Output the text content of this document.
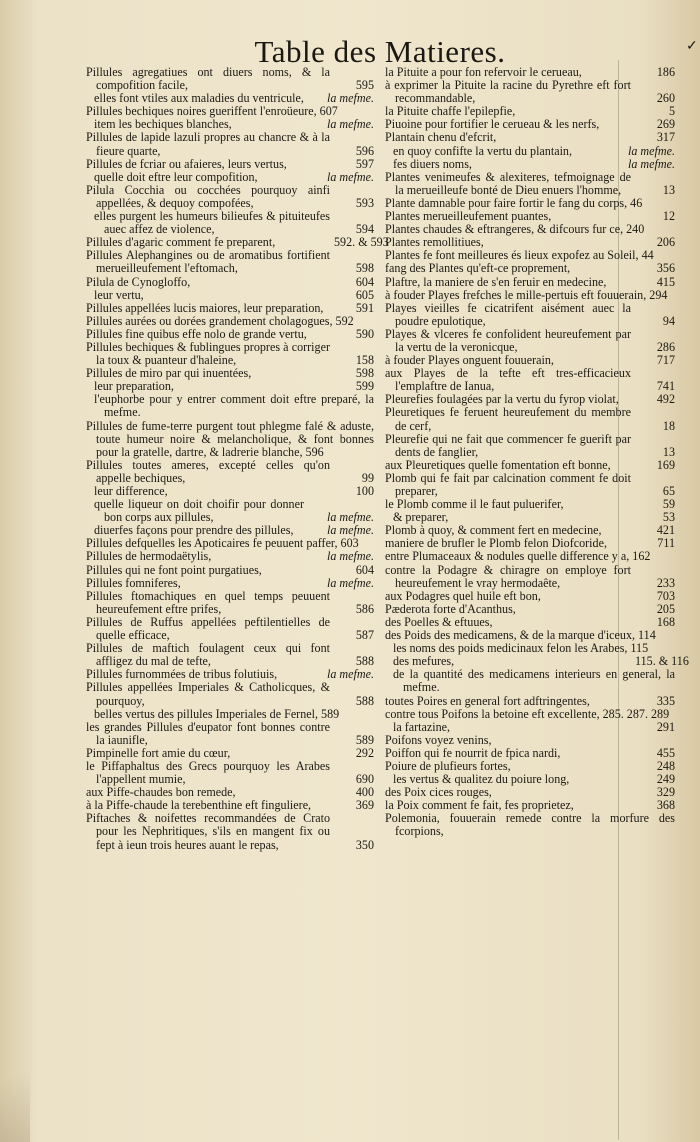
✓
Table des Matieres.
Pillules agregatiues ont diuers noms, & la compofition facile,	595
elles font vtiles aux maladies du ventricule,	la mefme.
Pillules bechiques noires gueriffent l'enroüeure, 607
item les bechiques blanches,	la mefme.
Pillules de lapide lazuli propres au chancre & à la fieure quarte,	596
Pillules de fcriar ou afaieres, leurs vertus,	597
quelle doit eftre leur compofition,	la mefme.
Pilula Cocchia ou cocchées pourquoy ainfi appellées, & dequoy compofées,	593
elles purgent les humeurs bilieufes & pituiteufes auec affez de violence,	594
Pillules d'agaric comment fe preparent,	592. & 593
Pillules Alephangines ou de aromatibus fortifient merueilleufement l'eftomach,	598
Pilula de Cynogloffo,	604
leur vertu,	605
Pillules appellées lucis maiores, leur preparation,	591
Pillules aurées ou dorées grandement cholagogues, 592
Pillules fine quibus effe nolo de grande vertu,	590
Pillules bechiques & fublingues propres à corriger la toux & puanteur d'haleine,	158
Pillules de miro par qui inuentées,	598
leur preparation,	599
l'euphorbe pour y entrer comment doit eftre preparé, la mefme.
Pillules de fume-terre purgent tout phlegme falé & aduste, toute humeur noire & melancholique, & font bonnes pour la gratelle, dartre, & ladrerie blanche, 596
Pillules toutes ameres, excepté celles qu'on appelle bechiques,	99
leur difference,	100
quelle liqueur on doit choifir pour donner bon corps aux pillules,	la mefme.
diuerfes façons pour prendre des pillules,	la mefme.
Pillules defquelles les Apoticaires fe peuuent paffer, 603
Pillules de hermodaëtylis,	la mefme.
Pillules qui ne font point purgatiues,	604
Pillules fomniferes,	la mefme.
Pillules ftomachiques en quel temps peuuent heureufement eftre prifes,	586
Pillules de Ruffus appellées peftilentielles de quelle efficace,	587
Pillules de maftich foulagent ceux qui font affligez du mal de tefte,	588
Pillules furnommées de tribus folutiuis,	la mefme.
Pillules appellées Imperiales & Catholicques, & pourquoy,	588
belles vertus des pillules Imperiales de Fernel, 589
les grandes Pillules d'eupator font bonnes contre la iaunifle,	589
Pimpinelle fort amie du cœur,	292
le Piffaphaltus des Grecs pourquoy les Arabes l'appellent mumie,	690
aux Piffe-chaudes bon remede,	400
à la Piffe-chaude la terebenthine eft finguliere,	369
Piftaches & noifettes recommandées de Crato pour les Nephritiques, s'ils en mangent fix ou fept à ieun trois heures auant le repas,	350
la Pituite a pour fon refervoir le cerueau,	186
à exprimer la Pituite la racine du Pyrethre eft fort recommandable,	260
la Pituite chaffe l'epilepfie,	5
Piuoine pour fortifier le cerueau & les nerfs,	269
Plantain chenu d'efcrit,	317
en quoy confifte la vertu du plantain,	la mefme.
fes diuers noms,	la mefme.
Plantes venimeufes & alexiteres, tefmoignage de la merueilleufe bonté de Dieu enuers l'homme,	13
Plante damnable pour faire fortir le fang du corps, 46
Plantes merueilleufement puantes,	12
Plantes chaudes & eftrangeres, & difcours fur ce, 240
Plantes remollitiues,	206
Plantes fe font meilleures és lieux expofez au Soleil, 44
fang des Plantes qu'eft-ce proprement,	356
Plaftre, la maniere de s'en feruir en medecine,	415
à fouder Playes frefches le mille-pertuis eft fouuerain, 294
Playes vieilles fe cicatrifent aisément auec la poudre epulotique,	94
Playes & vlceres fe confolident heureufement par la vertu de la veronicque,	286
à fouder Playes onguent fouuerain,	717
aux Playes de la tefte eft tres-efficacieux l'emplaftre de Ianua,	741
Pleurefies foulagées par la vertu du fyrop violat,	492
Pleuretiques fe feruent heureufement du membre de cerf,	18
Pleurefie qui ne fait que commencer fe guerift par dents de fanglier,	13
aux Pleuretiques quelle fomentation eft bonne,	169
Plomb qui fe fait par calcination comment fe doit preparer,	65
le Plomb comme il le faut puluerifer,	59
& preparer,	53
Plomb à quoy, & comment fert en medecine,	421
maniere de brufler le Plomb felon Diofcoride,	711
entre Plumaceaux & nodules quelle difference y a, 162
contre la Podagre & chiragre on employe fort heureufement le vray hermodaête,	233
aux Podagres quel huile eft bon,	703
Pæderota forte d'Acanthus,	205
des Poelles & eftuues,	168
des Poids des medicamens, & de la marque d'iceux, 114
les noms des poids medicinaux felon les Arabes, 115
des mefures,	115. & 116
de la quantité des medicamens interieurs en general, la mefme.
toutes Poires en general fort adftringentes,	335
contre tous Poifons la betoine eft excellente, 285. 287. 289
la fartazine,	291
Poifons voyez venins,
Poiffon qui fe nourrit de fpica nardi,	455
Poiure de plufieurs fortes,	248
les vertus & qualitez du poiure long,	249
des Poix cices rouges,	329
la Poix comment fe fait, fes proprietez,	368
Polemonia, fouuerain remede contre la morfure des fcorpions,
